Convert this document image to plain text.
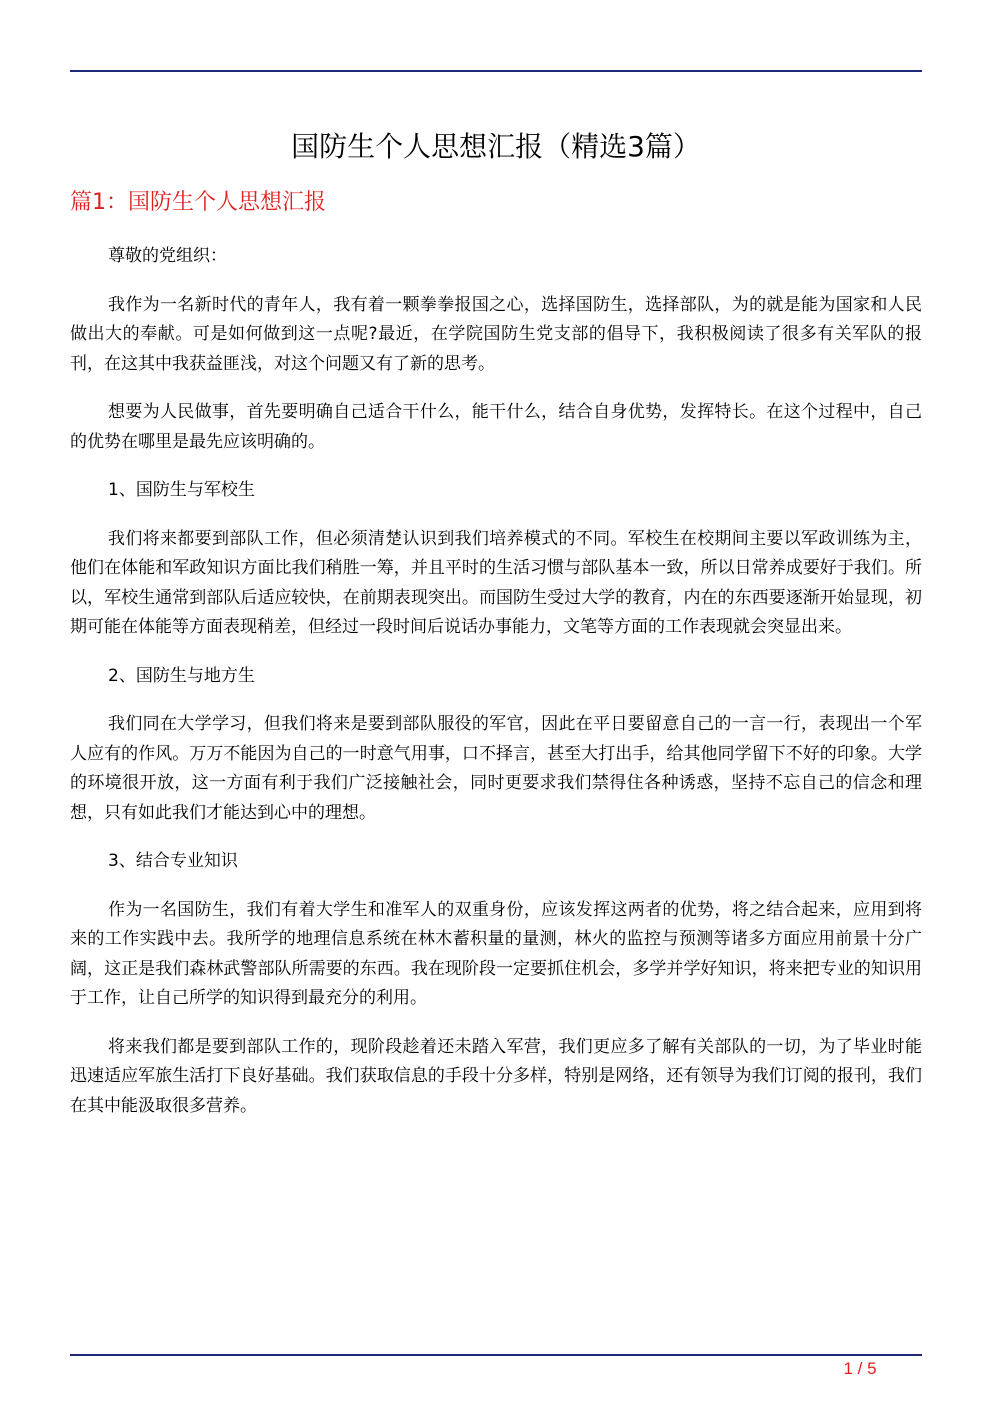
国防生个人思想汇报（精选3篇）
篇1：国防生个人思想汇报

尊敬的党组织：

我作为一名新时代的青年人，我有着一颗拳拳报国之心，选择国防生，选择部队，为的就是能为国家和人民做出大的奉献。可是如何做到这一点呢?最近，在学院国防生党支部的倡导下，我积极阅读了很多有关军队的报刊，在这其中我获益匪浅，对这个问题又有了新的思考。

想要为人民做事，首先要明确自己适合干什么，能干什么，结合自身优势，发挥特长。在这个过程中，自己的优势在哪里是最先应该明确的。

1、国防生与军校生

我们将来都要到部队工作，但必须清楚认识到我们培养模式的不同。军校生在校期间主要以军政训练为主，他们在体能和军政知识方面比我们稍胜一筹，并且平时的生活习惯与部队基本一致，所以日常养成要好于我们。所以，军校生通常到部队后适应较快，在前期表现突出。而国防生受过大学的教育，内在的东西要逐渐开始显现，初期可能在体能等方面表现稍差，但经过一段时间后说话办事能力，文笔等方面的工作表现就会突显出来。

2、国防生与地方生

我们同在大学学习，但我们将来是要到部队服役的军官，因此在平日要留意自己的一言一行，表现出一个军人应有的作风。万万不能因为自己的一时意气用事，口不择言，甚至大打出手，给其他同学留下不好的印象。大学的环境很开放，这一方面有利于我们广泛接触社会，同时更要求我们禁得住各种诱惑，坚持不忘自己的信念和理想，只有如此我们才能达到心中的理想。

3、结合专业知识

作为一名国防生，我们有着大学生和准军人的双重身份，应该发挥这两者的优势，将之结合起来，应用到将来的工作实践中去。我所学的地理信息系统在林木蓄积量的量测，林火的监控与预测等诸多方面应用前景十分广阔，这正是我们森林武警部队所需要的东西。我在现阶段一定要抓住机会，多学并学好知识，将来把专业的知识用于工作，让自己所学的知识得到最充分的利用。

将来我们都是要到部队工作的，现阶段趁着还未踏入军营，我们更应多了解有关部队的一切，为了毕业时能迅速适应军旅生活打下良好基础。我们获取信息的手段十分多样，特别是网络，还有领导为我们订阅的报刊，我们在其中能汲取很多营养。

1 / 5
